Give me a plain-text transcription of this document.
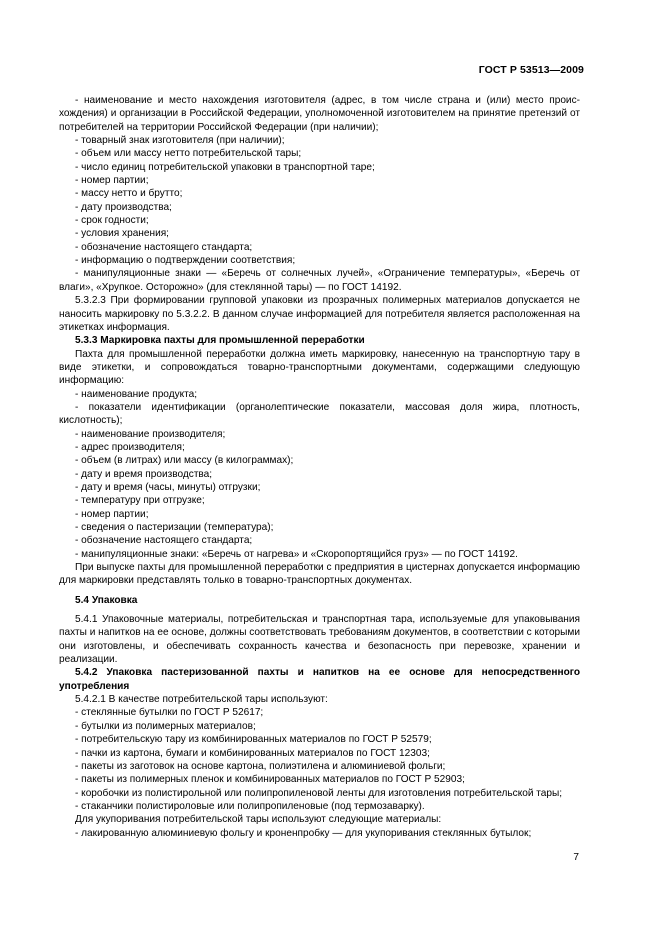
ГОСТ Р 53513—2009

- наименование и место нахождения изготовителя (адрес, в том числе страна и (или) место происхождения) и организации в Российской Федерации, уполномоченной изготовителем на принятие претензий от потребителей на территории Российской Федерации (при наличии);

- товарный знак изготовителя (при наличии);

- объем или массу нетто потребительской тары;

- число единиц потребительской упаковки в транспортной таре;

- номер партии;

- массу нетто и брутто;

- дату производства;

- срок годности;

- условия хранения;

- обозначение настоящего стандарта;

- информацию о подтверждении соответствия;

- манипуляционные знаки — «Беречь от солнечных лучей», «Ограничение температуры», «Беречь от влаги», «Хрупкое. Осторожно» (для стеклянной тары) — по ГОСТ 14192.

5.3.2.3 При формировании групповой упаковки из прозрачных полимерных материалов допускается не наносить маркировку по 5.3.2.2. В данном случае информацией для потребителя является расположенная на этикетках информация.

5.3.3 Маркировка пахты для промышленной переработки

Пахта для промышленной переработки должна иметь маркировку, нанесенную на транспортную тару в виде этикетки, и сопровождаться товарно-транспортными документами, содержащими следующую информацию:

- наименование продукта;

- показатели идентификации (органолептические показатели, массовая доля жира, плотность, кислотность);

- наименование производителя;

- адрес производителя;

- объем (в литрах) или массу (в килограммах);

- дату и время производства;

- дату и время (часы, минуты) отгрузки;

- температуру при отгрузке;

- номер партии;

- сведения о пастеризации (температура);

- обозначение настоящего стандарта;

- манипуляционные знаки: «Беречь от нагрева» и «Скоропортящийся груз» — по ГОСТ 14192.

При выпуске пахты для промышленной переработки с предприятия в цистернах допускается информацию для маркировки представлять только в товарно-транспортных документах.

5.4 Упаковка

5.4.1 Упаковочные материалы, потребительская и транспортная тара, используемые для упаковывания пахты и напитков на ее основе, должны соответствовать требованиям документов, в соответствии с которыми они изготовлены, и обеспечивать сохранность качества и безопасность при перевозке, хранении и реализации.

5.4.2 Упаковка пастеризованной пахты и напитков на ее основе для непосредственного употребления

5.4.2.1 В качестве потребительской тары используют:

- стеклянные бутылки по ГОСТ Р 52617;

- бутылки из полимерных материалов;

- потребительскую тару из комбинированных материалов по ГОСТ Р 52579;

- пачки из картона, бумаги и комбинированных материалов по ГОСТ 12303;

- пакеты из заготовок на основе картона, полиэтилена и алюминиевой фольги;

- пакеты из полимерных пленок и комбинированных материалов по ГОСТ Р 52903;

- коробочки из полистирольной или полипропиленовой ленты для изготовления потребительской тары;

- стаканчики полистироловые или полипропиленовые (под термозаварку).

Для укупоривания потребительской тары используют следующие материалы:

- лакированную алюминиевую фольгу и кроненпробку — для укупоривания стеклянных бутылок;

7
